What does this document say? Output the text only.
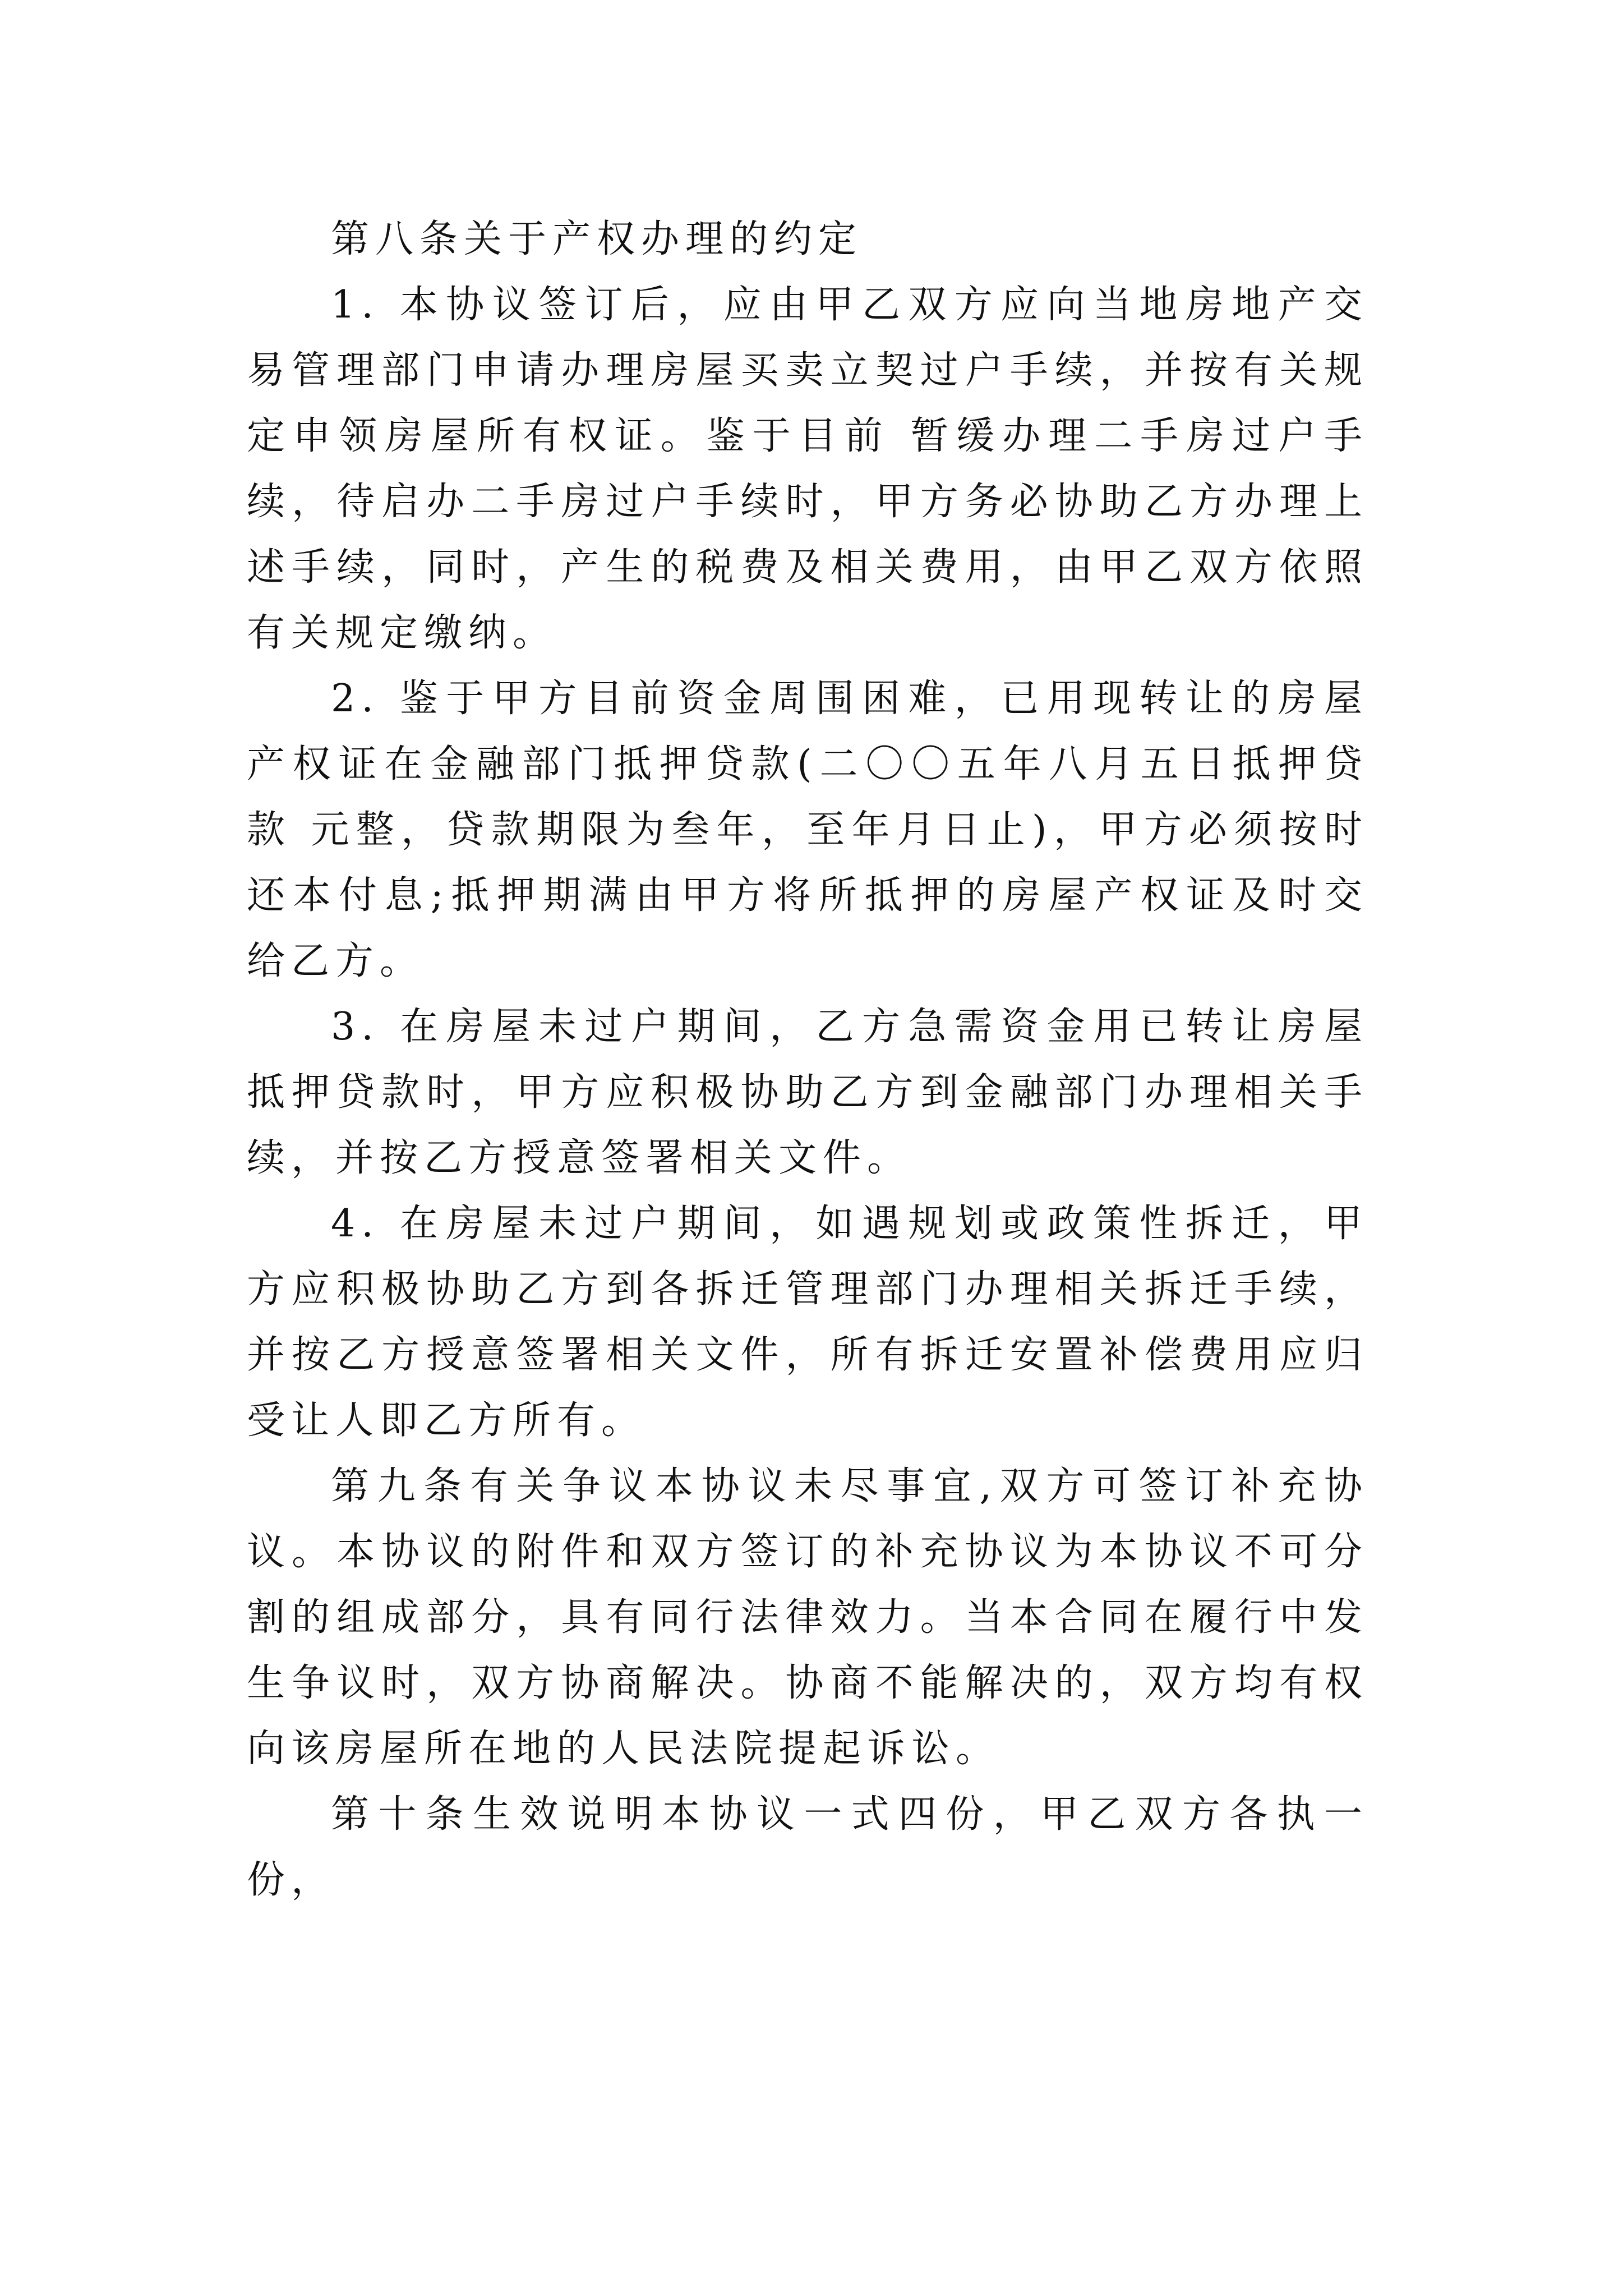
第八条关于产权办理的约定

1. 本协议签订后，应由甲乙双方应向当地房地产交易管理部门申请办理房屋买卖立契过户手续，并按有关规定申领房屋所有权证。鉴于目前 暂缓办理二手房过户手续，待启办二手房过户手续时，甲方务必协助乙方办理上述手续，同时，产生的税费及相关费用，由甲乙双方依照有关规定缴纳。

2. 鉴于甲方目前资金周围困难，已用现转让的房屋产权证在金融部门抵押贷款(二〇〇五年八月五日抵押贷款 元整，贷款期限为叁年，至年月日止)，甲方必须按时还本付息;抵押期满由甲方将所抵押的房屋产权证及时交给乙方。

3. 在房屋未过户期间，乙方急需资金用已转让房屋抵押贷款时，甲方应积极协助乙方到金融部门办理相关手续，并按乙方授意签署相关文件。

4. 在房屋未过户期间，如遇规划或政策性拆迁，甲方应积极协助乙方到各拆迁管理部门办理相关拆迁手续，并按乙方授意签署相关文件，所有拆迁安置补偿费用应归受让人即乙方所有。

第九条有关争议本协议未尽事宜,双方可签订补充协议。本协议的附件和双方签订的补充协议为本协议不可分割的组成部分，具有同行法律效力。当本合同在履行中发生争议时，双方协商解决。协商不能解决的，双方均有权向该房屋所在地的人民法院提起诉讼。

第十条生效说明本协议一式四份，甲乙双方各执一份，
